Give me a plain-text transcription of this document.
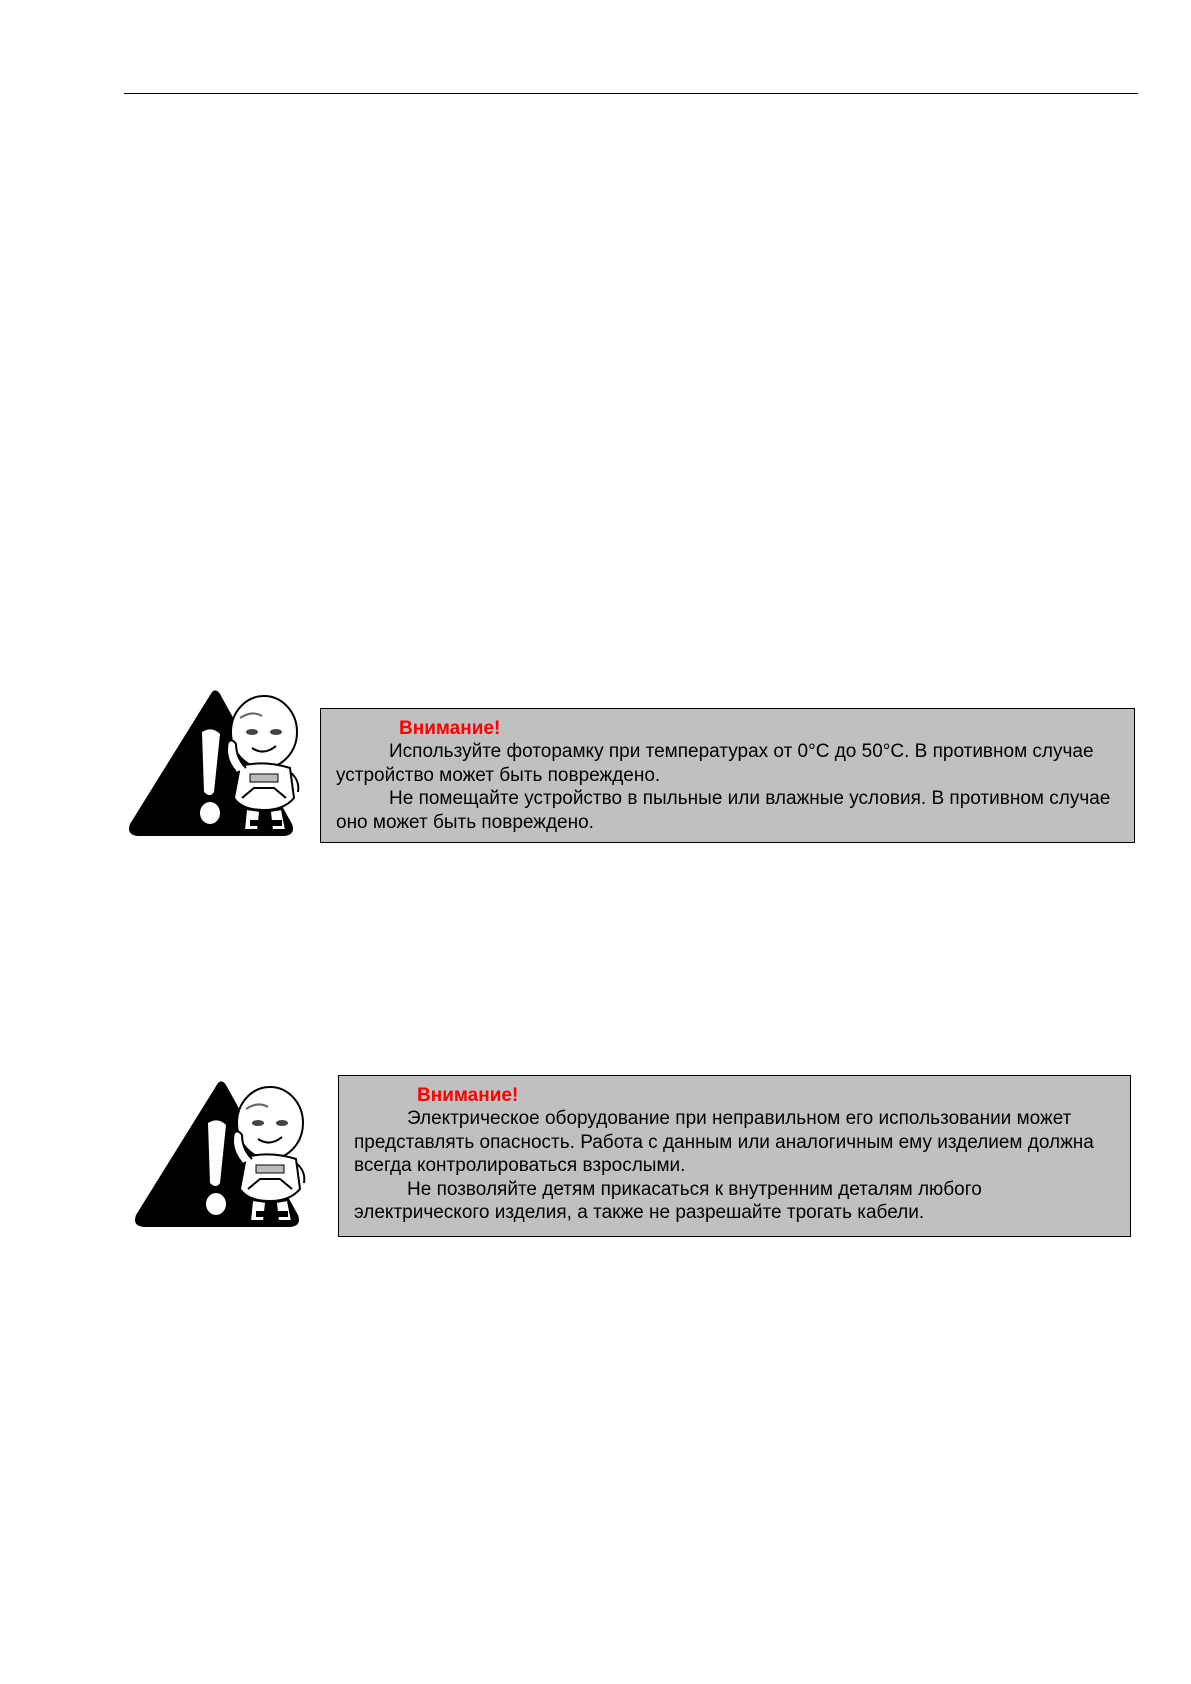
Внимание!

Используйте фоторамку при температурах от 0°C до 50°C. В противном случае устройство может быть повреждено.

Не помещайте устройство в пыльные или влажные условия. В противном случае оно может быть повреждено.

Внимание!

Электрическое оборудование при неправильном его использовании может представлять опасность. Работа с данным или аналогичным ему изделием должна всегда контролироваться взрослыми.

Не позволяйте детям прикасаться к внутренним деталям любого электрического изделия, а также не разрешайте трогать кабели.
